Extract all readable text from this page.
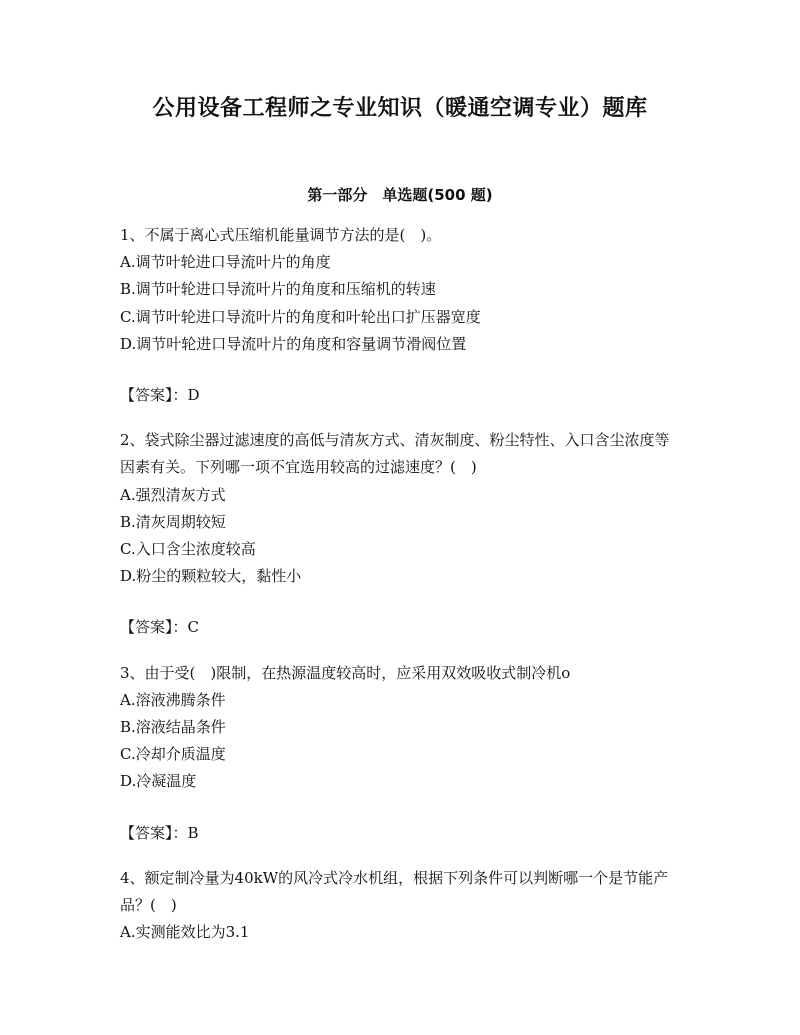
公用设备工程师之专业知识（暖通空调专业）题库
第一部分　单选题(500 题)

1、不属于离心式压缩机能量调节方法的是(　)。

A.调节叶轮进口导流叶片的角度

B.调节叶轮进口导流叶片的角度和压缩机的转速

C.调节叶轮进口导流叶片的角度和叶轮出口扩压器宽度

D.调节叶轮进口导流叶片的角度和容量调节滑阀位置

【答案】：D

2、袋式除尘器过滤速度的高低与清灰方式、清灰制度、粉尘特性、入口含尘浓度等因素有关。下列哪一项不宜选用较高的过滤速度？(　)

A.强烈清灰方式

B.清灰周期较短

C.入口含尘浓度较高

D.粉尘的颗粒较大，黏性小

【答案】：C

3、由于受(　)限制，在热源温度较高时，应采用双效吸收式制冷机o

A.溶液沸腾条件

B.溶液结晶条件

C.冷却介质温度

D.冷凝温度

【答案】：B

4、额定制冷量为40kW的风冷式冷水机组，根据下列条件可以判断哪一个是节能产品？(　)

A.实测能效比为3.1
